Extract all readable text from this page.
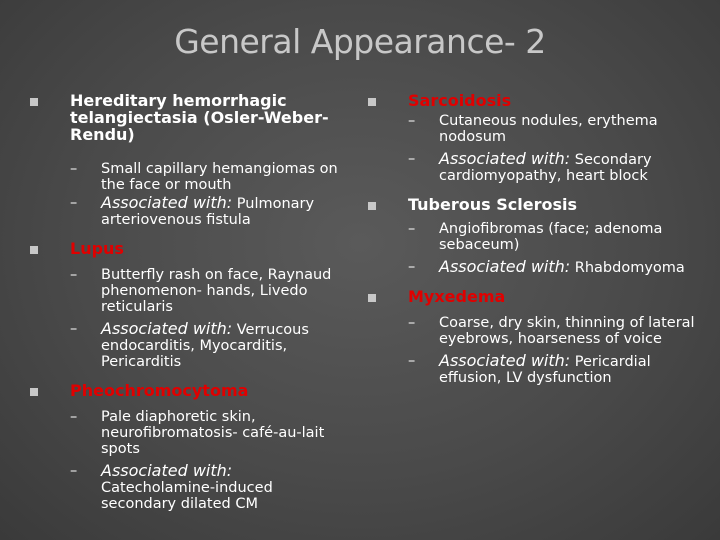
General Appearance- 2
Hereditary hemorrhagic telangiectasia (Osler-Weber-Rendu)
– Small capillary hemangiomas on the face or mouth
– Associated with: Pulmonary arteriovenous fistula
Lupus
– Butterfly rash on face, Raynaud phenomenon- hands, Livedo reticularis
– Associated with: Verrucous endocarditis, Myocarditis, Pericarditis
Pheochromocytoma
– Pale diaphoretic skin, neurofibromatosis- café-au-lait spots
– Associated with: Catecholamine-induced secondary dilated CM
Sarcoidosis
– Cutaneous nodules, erythema nodosum
– Associated with: Secondary cardiomyopathy, heart block
Tuberous Sclerosis
– Angiofibromas (face; adenoma sebaceum)
– Associated with: Rhabdomyoma
Myxedema
– Coarse, dry skin, thinning of lateral eyebrows, hoarseness of voice
– Associated with: Pericardial effusion, LV dysfunction
